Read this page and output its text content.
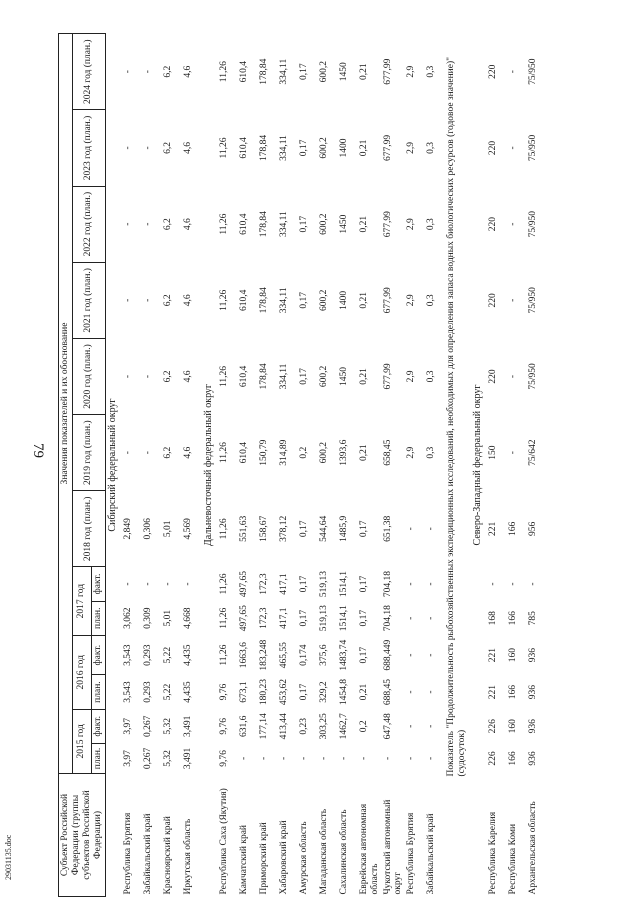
79
29031135.doc	Субъект Российской Федерации (группы субъектов Российской Федерации)	Значения показателей и их обоснование												
	2015 год		2016 год		2017 год		2018 год (план.)	2019 год (план.)	2020 год (план.)	2021 год (план.)	2022 год (план.)	2023 год (план.)	2024 год (план.)
	план.	факт.	план.	факт.	план.	факт.							
Сибирский федеральный округ													
Республика Бурятия	3,97	3,97	3,543	3,543	3,062	-	2,849	-	-	-	-	-	-
Забайкальский край	0,267	0,267	0,293	0,293	0,309	-	0,306	-	-	-	-	-	-
Красноярский край	5,32	5,32	5,22	5,22	5,01	-	5,01	6,2	6,2	6,2	6,2	6,2	6,2
Иркутская область	3,491	3,491	4,435	4,435	4,668	-	4,569	4,6	4,6	4,6	4,6	4,6	4,6
Дальневосточный федеральный округ													
Республика Саха (Якутия)	9,76	9,76	9,76	11,26	11,26	11,26	11,26	11,26	11,26	11,26	11,26	11,26	11,26
Камчатский край	-	631,6	673,1	1663,6	497,65	497,65	551,63	610,4	610,4	610,4	610,4	610,4	610,4
Приморский край	-	177,14	180,23	183,248	172,3	172,3	158,67	150,79	178,84	178,84	178,84	178,84	178,84
Хабаровский край	-	413,44	453,62	465,55	417,1	417,1	378,12	314,89	334,11	334,11	334,11	334,11	334,11
Амурская область	-	0,23	0,17	0,174	0,17	0,17	0,17	0,2	0,17	0,17	0,17	0,17	0,17
Магаданская область	-	303,25	329,2	375,6	519,13	519,13	544,64	600,2	600,2	600,2	600,2	600,2	600,2
Сахалинская область	-	1462,7	1454,8	1483,74	1514,1	1514,1	1485,9	1393,6	1450	1400	1450	1400	1450
Еврейская автономная область	-	0,2	0,21	0,17	0,17	0,17	0,17	0,21	0,21	0,21	0,21	0,21	0,21
Чукотский автономный округ	-	647,48	688,45	688,449	704,18	704,18	651,38	658,45	677,99	677,99	677,99	677,99	677,99
Республика Бурятия	-	-	-	-	-	-	-	2,9	2,9	2,9	2,9	2,9	2,9
Забайкальский край	-	-	-	-	-	-	-	0,3	0,3	0,3	0,3	0,3	0,3
Показатель "Продолжительность рыбохозяйственных экспедиционных исследований, необходимых для определения запаса водных биологических ресурсов (годовое значение)" (судосуток)													
Северо-Западный федеральный округ													
Республика Карелия	226	226	221	221	168	-	221	150	220	220	220	220	220
Республика Коми	166	160	166	160	166	-	166	-	-	-	-	-	-
Архангельская область	936	936	936	936	785	-	956	75/642	75/950	75/950	75/950	75/950	75/950
